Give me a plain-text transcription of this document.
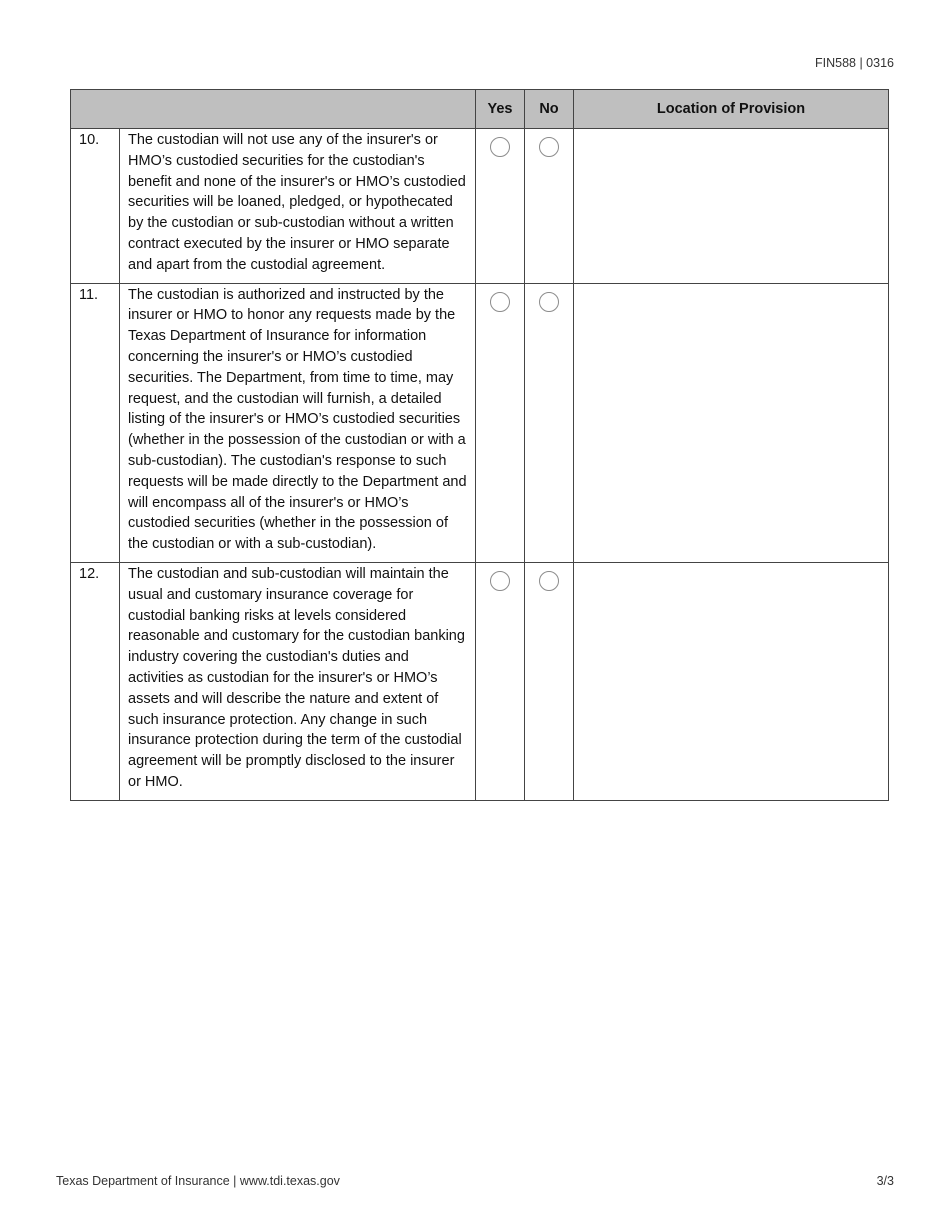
FIN588 | 0316
		Yes	No	Location of Provision
10.	The custodian will not use any of the insurer's or HMO’s custodied securities for the custodian's benefit and none of the insurer's or HMO’s custodied securities will be loaned, pledged, or hypothecated by the custodian or sub-custodian without a written contract executed by the insurer or HMO separate and apart from the custodial agreement.			

11.	The custodian is authorized and instructed by the insurer or HMO to honor any requests made by the Texas Department of Insurance for information concerning the insurer's or HMO’s custodied securities. The Department, from time to time, may request, and the custodian will furnish, a detailed listing of the insurer's or HMO’s custodied securities (whether in the possession of the custodian or with a sub-custodian). The custodian's response to such requests will be made directly to the Department and will encompass all of the insurer's or HMO’s custodied securities (whether in the possession of the custodian or with a sub-custodian).			

12.	The custodian and sub-custodian will maintain the usual and customary insurance coverage for custodial banking risks at levels considered reasonable and customary for the custodian banking industry covering the custodian's duties and activities as custodian for the insurer's or HMO’s assets and will describe the nature and extent of such insurance protection. Any change in such insurance protection during the term of the custodial agreement will be promptly disclosed to the insurer or HMO.			
Texas Department of Insurance | www.tdi.texas.gov	3/3
